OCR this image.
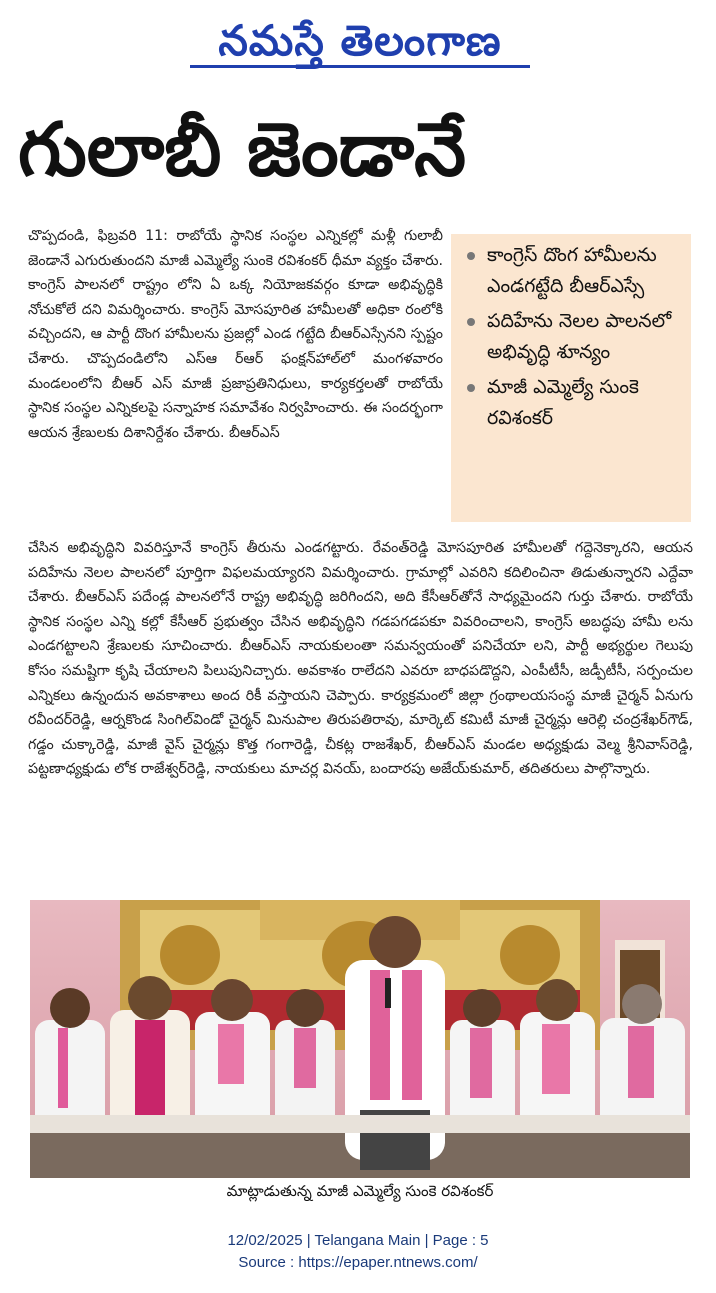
నమస్తే తెలంగాణ
గులాబీ జెండానే

చొప్పదండి, ఫిబ్రవరి 11: రాబోయే స్థానిక సంస్థల ఎన్నికల్లో మళ్లీ గులాబీ జెండానే ఎగురుతుందని మాజీ ఎమ్మెల్యే సుంకె రవిశంకర్ ధీమా వ్యక్తం చేశారు. కాంగ్రెస్ పాలనలో రాష్ట్రం లోని ఏ ఒక్క నియోజకవర్గం కూడా అభివృద్ధికి నోచుకోలే దని విమర్శించారు. కాంగ్రెస్ మోసపూరిత హామీలతో అధికా రంలోకి వచ్చిందని, ఆ పార్టీ దొంగ హామీలను ప్రజల్లో ఎండ గట్టేది బీఆర్ఎస్సేనని స్పష్టం చేశారు. చొప్పదండిలోని ఎస్ఆ ర్ఆర్ ఫంక్షన్‌హాల్‌లో మంగళవారం మండలంలోని బీఆర్ ఎస్ మాజీ ప్రజాప్రతినిధులు, కార్యకర్తలతో రాబోయే స్థానిక సంస్థల ఎన్నికలపై సన్నాహక సమావేశం నిర్వహించారు. ఈ సందర్భంగా ఆయన శ్రేణులకు దిశానిర్దేశం చేశారు. బీఆర్ఎస్

కాంగ్రెస్ దొంగ హామీలను ఎండగట్టేది బీఆర్ఎస్సే
పదిహేను నెలల పాలనలో అభివృద్ధి శూన్యం
మాజీ ఎమ్మెల్యే సుంకె రవిశంకర్

చేసిన అభివృద్ధిని వివరిస్తూనే కాంగ్రెస్ తీరును ఎండగట్టారు. రేవంత్‌రెడ్డి మోసపూరిత హామీలతో గద్దెనెక్కారని, ఆయన పదిహేను నెలల పాలనలో పూర్తిగా విఫలమయ్యారని విమర్శించారు. గ్రామాల్లో ఎవరిని కదిలించినా తిడుతున్నారని ఎద్దేవా చేశారు. బీఆర్ఎస్ పదేండ్ల పాలనలోనే రాష్ట్ర అభివృద్ధి జరిగిందని, అది కేసీఆర్‌తోనే సాధ్యమైందని గుర్తు చేశారు. రాబోయే స్థానిక సంస్థల ఎన్ని కల్లో కేసీఆర్ ప్రభుత్వం చేసిన అభివృద్ధిని గడపగడపకూ వివరించాలని, కాంగ్రెస్ అబద్ధపు హామీ లను ఎండగట్టాలని శ్రేణులకు సూచించారు. బీఆర్ఎస్ నాయకులంతా సమన్వయంతో పనిచేయా లని, పార్టీ అభ్యర్థుల గెలుపు కోసం సమష్టిగా కృషి చేయాలని పిలుపునిచ్చారు. అవకాశం రాలేదని ఎవరూ బాధపడొద్దని, ఎంపీటీసీ, జడ్పీటీసీ, సర్పంచుల ఎన్నికలు ఉన్నందున అవకాశాలు అంద రికీ వస్తాయని చెప్పారు. కార్యక్రమంలో జిల్లా గ్రంథాలయసంస్థ మాజీ చైర్మన్ ఏనుగు రవీందర్‌రెడ్డి, ఆర్నకొండ సింగిల్‌విండో చైర్మన్ మినుపాల తిరుపతిరావు, మార్కెట్ కమిటీ మాజీ చైర్మన్లు ఆరెల్లి చంద్రశేఖర్‌గౌడ్, గడ్డం చుక్కారెడ్డి, మాజీ వైస్ చైర్మన్లు కొత్త గంగారెడ్డి, చీకట్ల రాజశేఖర్, బీఆర్ఎస్ మండల అధ్యక్షుడు వెల్మ శ్రీనివాస్‌రెడ్డి, పట్టణాధ్యక్షుడు లోక రాజేశ్వర్‌రెడ్డి, నాయకులు మాచర్ల వినయ్, బందారపు అజేయ్‌కుమార్, తదితరులు పాల్గొన్నారు.

మాట్లాడుతున్న మాజీ ఎమ్మెల్యే సుంకె రవిశంకర్
12/02/2025 | Telangana Main | Page : 5
Source : https://epaper.ntnews.com/
